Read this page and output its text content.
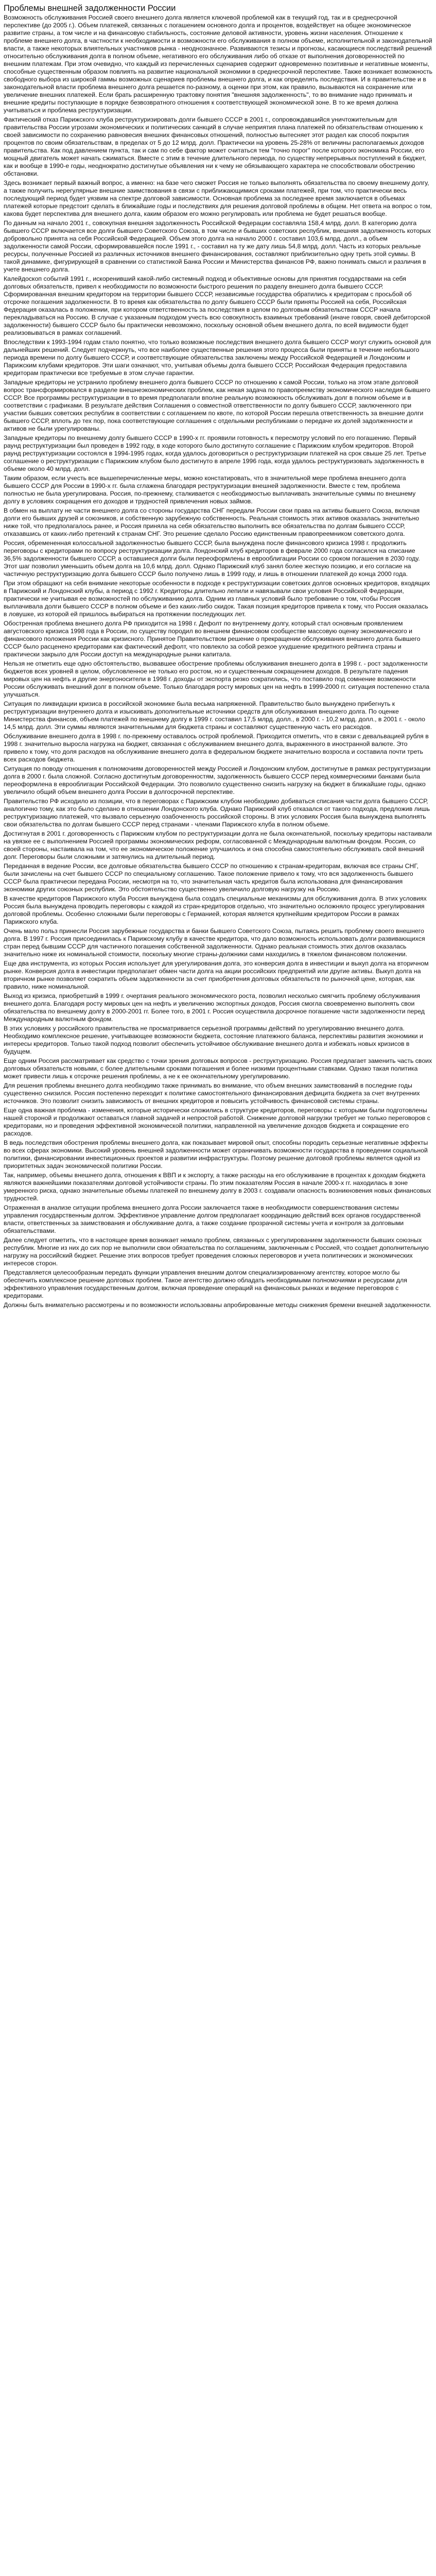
Проблемы внешней задолженности России

Возможность обслуживания Россией своего внешнего долга является ключевой проблемой как в текущий год, так и в среднесрочной перспективе (до 2005 г.). Объем платежей, связанных с погашением основного долга и процентов, воздействует на общее экономическое развитие страны, а том числе и на финансовую стабильность, состояние деловой активности, уровень жизни населения. Отношение к проблеме внешнего долга, в частности к необходимости и возможности его обслуживания в полном объеме, исполнительной и законодательной власти, а также некоторых влиятельных участников рынка - неоднозначное. Развиваются тезисы и прогнозы, касающиеся последствий решений относительно обслуживания долга в полном объеме, негативного его обслуживания либо об отказе от выполнения договоренностей по внешним платежам. При этом очевидно, что каждый из перечисленных сценариев содержит одновременно позитивные и негативные моменты, способные существенным образом повлиять на развитие национальной экономики в среднесрочной перспективе. Также возникает возможность свободного выбора из широкой гаммы возможных сценариев проблемы внешнего долга, и как определять последствия. И в правительстве и в законодательной власти проблема внешнего долга решается по-разному, а оценки при этом, как правило, вызываются на сохранение или увеличение внешних платежей. Если брать расширенную трактовку понятия "внешняя задолженность", то во внимание надо принимать и внешние кредиты поступающие в порядке безвозвратного отношения к соответствующей экономической зоне. В то же время должна учитываться и проблема реструктуризации.

Фактический отказ Парижского клуба реструктуризировать долги бывшего СССР в 2001 г., сопровождавшийся уничтожительным для правительства России угрозами экономических и политических санкций в случае неприятия плана платежей по обязательствам отношению к своей зависимости по сохранению равновесия внешних финансовых отношений, полностью вытесняет этот раздел как способ покрытия процентов по своим обязательствам, в пределах от 5 до 12 млрд. долл. Практически на уровень 25-28% от величины располагаемых доходов правительства. Как под давлением пункта, так и сам по себе фактор может считаться тем "точно порог" после которого экономика России, его мощный двигатель может начать сжиматься. Вместе с этим в течение длительного периода, по существу непрерывных поступлений в бюджет, как и вообще в 1990-е годы, неоднократно достигнутые объявления ни к чему не обязывающего характера не способствовали обострению обстановки.

Здесь возникает первый важный вопрос, а именно: на базе чего сможет Россия не только выполнять обязательства по своему внешнему долгу, а также получить нерегулярные внешние заимствования в связи с приближающимися сроками платежей, при том, что практически весь последующий период будет уязвим на спектре долговой зависимости. Основная проблема за последнее время заключается в объемах платежей которые предстоит сделать в ближайшие годы и последствиях для решения долговой проблемы в общем. Нет ответа на вопрос о том, какова будет перспектива для внешнего долга, каким образом его можно регулировать или проблема не будет решаться вообще.

По данным на начало 2001 г., совокупная внешняя задолженность Российской Федерации составляла 158,4 млрд. долл. В категорию долга бывшего СССР включается все долги бывшего Советского Союза, в том числе и бывших советских республик, внешняя задолженность которых добровольно принята на себя Российской Федерацией. Объем этого долга на начало 2000 г. составил 103,6 млрд. долл., а объем задолженности самой России, сформировавшейся после 1991 г., - составил на ту же дату лишь 54,8 млрд. долл. Часть из которых реальные ресурсы, полученные Россией из различных источников внешнего финансирования, составляют приблизительно одну треть этой суммы. В такой динамике, фигурирующей в сравнении со статистикой Банка России и Министерства финансов РФ, важно понимать смысл и различия в учете внешнего долга.

Калейдоскоп событий 1991 г., искоренивший какой-либо системный подход и объективные основы для принятия государствами на себя долговых обязательств, привел к необходимости по возможности быстрого решения по разделу внешнего долга бывшего СССР. Сформированная внешним кредитором на территории бывшего СССР, независимые государства обратились к кредиторам с просьбой об отсрочке погашения задолженности. В то время как обязательства по долгу бывшего СССР были приняты Россией на себя, Российская Федерация оказалась в положении, при котором ответственность за последствия в целом по долговым обязательствам СССР начала перекладываться на Россию. В случае с указанным подходом учесть всю совокупность взаимных требований (иначе говоря, своей дебиторской задолженности) бывшего СССР было бы практически невозможно, поскольку основной объем внешнего долга, по всей видимости будет реализовываться в рамках соглашений.

Впоследствии к 1993-1994 годам стало понятно, что только возможные последствия внешнего долга бывшего СССР могут служить основой для дальнейших решений. Следует подчеркнуть, что все наиболее существенные решения этого процесса были приняты в течение небольшого периода времени по долгу бывшего СССР, и соответствующие обязательства заключены между Российской Федерацией и Лондонским и Парижским клубами кредиторов. Эти шаги означают, что, учитывая объемы долга бывшего СССР, Российская Федерация предоставила кредиторам практически все требуемые в этом случае гарантии.

Западные кредиторы не устранило проблему внешнего долга бывшего СССР по отношению к самой России, только на этом этапе долговой вопрос трансформировался в разделе внешнеэкономических проблем, как некая задача по правопреемству экономического наследия бывшего СССР. Все программы реструктуризации в то время предполагали вполне реальную возможность обслуживать долг в полном объеме и в соответствии с графиками. В результате действия Соглашения о совместной ответственности по долгу бывшего СССР, заключенного при участии бывших советских республик в соответствии с соглашением по квоте, по которой России перешла ответственность за внешние долги бывшего СССР, вплоть до тех пор, пока соответствующие соглашения с отдельными республиками о передаче их долей задолженности и активов не были урегулированы.

Западные кредиторы по внешнему долгу бывшего СССР в 1990-х гг. проявили готовность к пересмотру условий по его погашению. Первый раунд реструктуризации был проведен в 1992 году, в ходе которого было достигнуто соглашение с Парижским клубом кредиторов. Второй раунд реструктуризации состоялся в 1994-1995 годах, когда удалось договориться о реструктуризации платежей на срок свыше 25 лет. Третье соглашение о реструктуризации с Парижским клубом было достигнуто в апреле 1996 года, когда удалось реструктуризовать задолженность в объеме около 40 млрд. долл.

Таким образом, если учесть все вышеперечисленные меры, можно констатировать, что в значительной мере проблема внешнего долга бывшего СССР для России в 1990-х гг. была сглажена благодаря реструктуризации внешней задолженности. Вместе с тем, проблема полностью не была урегулирована. Россия, по-прежнему, сталкивается с необходимостью выплачивать значительные суммы по внешнему долгу в условиях сокращения его доходов и трудностей привлечения новых займов.

В обмен на выплату не части внешнего долга со стороны государства СНГ передали России свои права на активы бывшего Союза, включая долги его бывших друзей и союзников, и собственную зарубежную собственность. Реальная стоимость этих активов оказалась значительно ниже той, что предполагалось ранее, и Россия приняла на себя обязательство выполнить все обязательства по долгам бывшего СССР, отказавшись от каких-либо претензий к странам СНГ. Это решение сделало Россию единственным правопреемником советского долга.

Россия, обремененная колоссальной задолженностью бывшего СССР, была вынуждена после финансового кризиса 1998 г. продолжить переговоры с кредиторами по вопросу реструктуризации долга. Лондонский клуб кредиторов в феврале 2000 года согласился на списание 36,5% задолженности бывшего СССР, а оставшиеся долги были переоформлены в еврооблигации России со сроком погашения в 2030 году. Этот шаг позволил уменьшить объем долга на 10,6 млрд. долл. Однако Парижский клуб занял более жесткую позицию, и его согласие на частичную реструктуризацию долга бывшего СССР было получено лишь в 1999 году, и лишь в отношении платежей до конца 2000 года.

При этом обращают на себя внимание некоторые особенности в подходе к реструктуризации советских долгов основных кредиторов, входящих в Парижский и Лондонский клубы, а период с 1992 г. Кредиторы длительно лепили и навязывали свои условия Российской Федерации, практически не учитывая ее возможностей по обслуживанию долга. Одним из главных условий было требование о том, чтобы Россия выплачивала долги бывшего СССР в полном объеме и без каких-либо скидок. Такая позиция кредиторов привела к тому, что Россия оказалась в ловушке, из которой ей пришлось выбираться на протяжении последующих лет.

Обостренная проблема внешнего долга РФ приходится на 1998 г. Дефолт по внутреннему долгу, который стал основным проявлением августовского кризиса 1998 года в России, по существу породил во внешнем финансовом сообществе массовую оценку экономического и финансового положения России как кризисного. Принятое Правительством решение о прекращении обслуживания внешнего долга бывшего СССР было расценено кредиторами как фактический дефолт, что повлекло за собой резкое ухудшение кредитного рейтинга страны и практически закрыло для России доступ на международные рынки капитала.

Нельзя не отметить еще одно обстоятельство, вызвавшее обострение проблемы обслуживания внешнего долга в 1998 г. - рост задолженности бюджетов всех уровней в целом, обусловленное не только его ростом, но и существенным сокращением доходов. В результате падения мировых цен на нефть и другие энергоносители в 1998 г. доходы от экспорта резко сократились, что поставило под сомнение возможности России обслуживать внешний долг в полном объеме. Только благодаря росту мировых цен на нефть в 1999-2000 гг. ситуация постепенно стала улучшаться.

Ситуация по ликвидации кризиса в российской экономике была весьма напряженной. Правительство было вынуждено прибегнуть к реструктуризации внутреннего долга и изыскивать дополнительные источники средств для обслуживания внешнего долга. По оценке Министерства финансов, объем платежей по внешнему долгу в 1999 г. составил 17,5 млрд. долл., в 2000 г. - 10,2 млрд. долл., в 2001 г. - около 14,5 млрд. долл. Эти суммы являются значительными для бюджета страны и составляют существенную часть его расходов.

Обслуживание внешнего долга в 1998 г. по-прежнему оставалось острой проблемой. Приходится отметить, что в связи с девальвацией рубля в 1998 г. значительно выросла нагрузка на бюджет, связанная с обслуживанием внешнего долга, выраженного в иностранной валюте. Это привело к тому, что доля расходов на обслуживание внешнего долга в федеральном бюджете значительно возросла и составила почти треть всех расходов бюджета.

Ситуация по поводу отношения к полномочиям договоренностей между Россией и Лондонским клубом, достигнутые в рамках реструктуризации долга в 2000 г. была сложной. Согласно достигнутым договоренностям, задолженность бывшего СССР перед коммерческими банками была переоформлена в еврооблигации Российской Федерации. Это позволило существенно снизить нагрузку на бюджет в ближайшие годы, однако увеличило общий объем внешнего долга России в долгосрочной перспективе.

Правительство РФ исходило из позиции, что в переговорах с Парижским клубом необходимо добиваться списания части долга бывшего СССР, аналогично тому, как это было сделано в отношении Лондонского клуба. Однако Парижский клуб отказался от такого подхода, предложив лишь реструктуризацию платежей, что вызвало серьезную озабоченность российской стороны. В этих условиях Россия была вынуждена выполнять свои обязательства по долгам бывшего СССР перед странами - членами Парижского клуба в полном объеме.

Достигнутая в 2001 г. договоренность с Парижским клубом по реструктуризации долга не была окончательной, поскольку кредиторы настаивали на увязке ее с выполнением Россией программы экономических реформ, согласованной с Международным валютным фондом. Россия, со своей стороны, настаивала на том, что ее экономическое положение улучшилось и она способна самостоятельно обслуживать свой внешний долг. Переговоры были сложными и затянулись на длительный период.

Переданная в ведение России, все долговые обязательства бывшего СССР по отношению к странам-кредиторам, включая все страны СНГ, были зачислены на счет бывшего СССР по специальному соглашению. Такое положение привело к тому, что вся задолженность бывшего СССР была практически передана России, несмотря на то, что значительная часть кредитов была использована для финансирования экономики других союзных республик. Это обстоятельство существенно увеличило долговую нагрузку на Россию.

В качестве кредиторов Парижского клуба Россия вынуждена была создать специальные механизмы для обслуживания долга. В этих условиях Россия была вынуждена проводить переговоры с каждой из стран-кредиторов отдельно, что значительно осложняло процесс урегулирования долговой проблемы. Особенно сложными были переговоры с Германией, которая является крупнейшим кредитором России в рамках Парижского клуба.

Очень мало польз принесли Россия зарубежные государства и банки бывшего Советского Союза, пытаясь решить проблему своего внешнего долга. В 1997 г. Россия присоединилась к Парижскому клубу в качестве кредитора, что дало возможность использовать долги развивающихся стран перед бывшим СССР для частичного погашения собственной задолженности. Однако реальная стоимость этих долгов оказалась значительно ниже их номинальной стоимости, поскольку многие страны-должники сами находились в тяжелом финансовом положении.

Еще два инструмента, из которых Россия использует для урегулирования долга, это конверсия долга в инвестиции и выкуп долга на вторичном рынке. Конверсия долга в инвестиции предполагает обмен части долга на акции российских предприятий или другие активы. Выкуп долга на вторичном рынке позволяет сократить объем задолженности за счет приобретения долговых обязательств по рыночной цене, которая, как правило, ниже номинальной.

Выход из кризиса, приобретший в 1999 г. очертания реального экономического роста, позволил несколько смягчить проблему обслуживания внешнего долга. Благодаря росту мировых цен на нефть и увеличению экспортных доходов, Россия смогла своевременно выполнять свои обязательства по внешнему долгу в 2000-2001 гг. Более того, в 2001 г. Россия осуществила досрочное погашение части задолженности перед Международным валютным фондом.

В этих условиях у российского правительства не просматривается серьезной программы действий по урегулированию внешнего долга. Необходимо комплексное решение, учитывающее возможности бюджета, состояние платежного баланса, перспективы развития экономики и интересы кредиторов. Только такой подход позволит обеспечить устойчивое обслуживание внешнего долга и избежать новых кризисов в будущем.

Еще одним Россия рассматривает как средство с точки зрения долговых вопросов - реструктуризацию. Россия предлагает заменить часть своих долговых обязательств новыми, с более длительными сроками погашения и более низкими процентными ставками. Однако такая политика может привести лишь к отсрочке решения проблемы, а не к ее окончательному урегулированию.

Для решения проблемы внешнего долга необходимо также принимать во внимание, что объем внешних заимствований в последние годы существенно снизился. Россия постепенно переходит к политике самостоятельного финансирования дефицита бюджета за счет внутренних источников. Это позволит снизить зависимость от внешних кредиторов и повысить устойчивость финансовой системы страны.

Еще одна важная проблема - изменения, которые исторически сложились в структуре кредиторов, переговоры с которыми были подготовлены нашей стороной и продолжают оставаться главной задачей и непростой работой. Снижение долговой нагрузки требует не только переговоров с кредиторами, но и проведения эффективной экономической политики, направленной на увеличение доходов бюджета и сокращение его расходов.

В ведь последствия обострения проблемы внешнего долга, как показывает мировой опыт, способны породить серьезные негативные эффекты во всех сферах экономики. Высокий уровень внешней задолженности может ограничивать возможности государства в проведении социальной политики, финансировании инвестиционных проектов и развитии инфраструктуры. Поэтому решение долговой проблемы является одной из приоритетных задач экономической политики России.

Так, например, объемы внешнего долга, отношения к ВВП и к экспорту, а также расходы на его обслуживание в процентах к доходам бюджета являются важнейшими показателями долговой устойчивости страны. По этим показателям Россия в начале 2000-х гг. находилась в зоне умеренного риска, однако значительные объемы платежей по внешнему долгу в 2003 г. создавали опасность возникновения новых финансовых трудностей.

Отраженная в анализе ситуации проблема внешнего долга России заключается также в необходимости совершенствования системы управления государственным долгом. Эффективное управление долгом предполагает координацию действий всех органов государственной власти, ответственных за заимствования и обслуживание долга, а также создание прозрачной системы учета и контроля за долговыми обязательствами.

Далее следует отметить, что в настоящее время возникает немало проблем, связанных с урегулированием задолженности бывших союзных республик. Многие из них до сих пор не выполнили свои обязательства по соглашениям, заключенным с Россией, что создает дополнительную нагрузку на российский бюджет. Решение этих вопросов требует проведения сложных переговоров и учета политических и экономических интересов сторон.

Представляется целесообразным передать функции управления внешним долгом специализированному агентству, которое могло бы обеспечить комплексное решение долговых проблем. Такое агентство должно обладать необходимыми полномочиями и ресурсами для эффективного управления государственным долгом, включая проведение операций на финансовых рынках и ведение переговоров с кредиторами.

Должны быть внимательно рассмотрены и по возможности использованы апробированные методы снижения бремени внешней задолженности.
